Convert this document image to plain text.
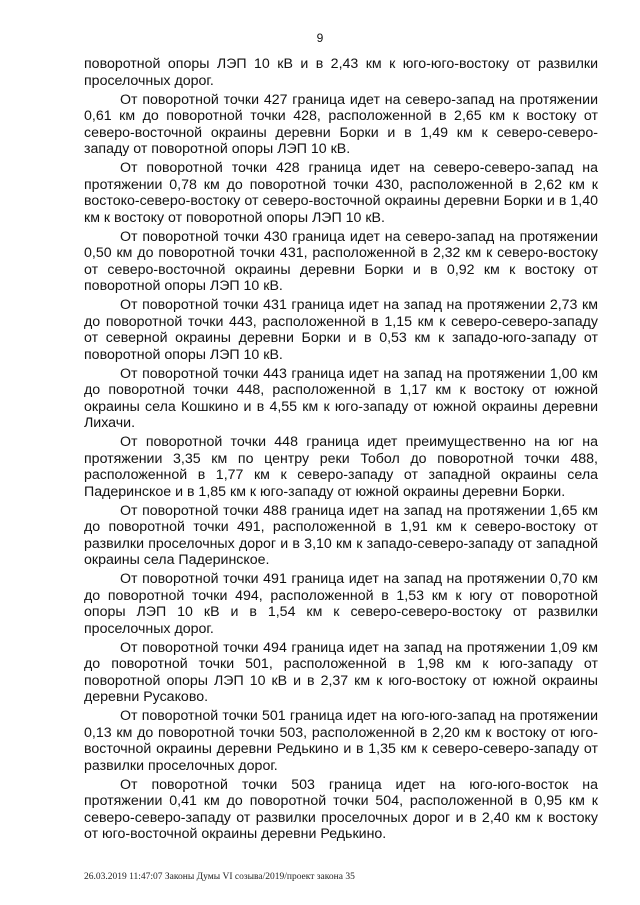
9

поворотной опоры ЛЭП 10 кВ и в 2,43 км к юго-юго-востоку от развилки проселочных дорог.

От поворотной точки 427 граница идет на северо-запад на протяжении 0,61 км до поворотной точки 428, расположенной в 2,65 км к востоку от северо-восточной окраины деревни Борки и в 1,49 км к северо-северо-западу от поворотной опоры ЛЭП 10 кВ.

От поворотной точки 428 граница идет на северо-северо-запад на протяжении 0,78 км до поворотной точки 430, расположенной в 2,62 км к востоко-северо-востоку от северо-восточной окраины деревни Борки и в 1,40 км к востоку от поворотной опоры ЛЭП 10 кВ.

От поворотной точки 430 граница идет на северо-запад на протяжении 0,50 км до поворотной точки 431, расположенной в 2,32 км к северо-востоку от северо-восточной окраины деревни Борки и в 0,92 км к востоку от поворотной опоры ЛЭП 10 кВ.

От поворотной точки 431 граница идет на запад на протяжении 2,73 км до поворотной точки 443, расположенной в 1,15 км к северо-северо-западу от северной окраины деревни Борки и в 0,53 км к западо-юго-западу от поворотной опоры ЛЭП 10 кВ.

От поворотной точки 443 граница идет на запад на протяжении 1,00 км до поворотной точки 448, расположенной в 1,17 км к востоку от южной окраины села Кошкино и в 4,55 км к юго-западу от южной окраины деревни Лихачи.

От поворотной точки 448 граница идет преимущественно на юг на протяжении 3,35 км по центру реки Тобол до поворотной точки 488, расположенной в 1,77 км к северо-западу от западной окраины села Падеринское и в 1,85 км к юго-западу от южной окраины деревни Борки.

От поворотной точки 488 граница идет на запад на протяжении 1,65 км до поворотной точки 491, расположенной в 1,91 км к северо-востоку от развилки проселочных дорог и в 3,10 км к западо-северо-западу от западной окраины села Падеринское.

От поворотной точки 491 граница идет на запад на протяжении 0,70 км до поворотной точки 494, расположенной в 1,53 км к югу от поворотной опоры ЛЭП 10 кВ и в 1,54 км к северо-северо-востоку от развилки проселочных дорог.

От поворотной точки 494 граница идет на запад на протяжении 1,09 км до поворотной точки 501, расположенной в 1,98 км к юго-западу от поворотной опоры ЛЭП 10 кВ и в 2,37 км к юго-востоку от южной окраины деревни Русаково.

От поворотной точки 501 граница идет на юго-юго-запад на протяжении 0,13 км до поворотной точки 503, расположенной в 2,20 км к востоку от юго-восточной окраины деревни Редькино и в 1,35 км к северо-северо-западу от развилки проселочных дорог.

От поворотной точки 503 граница идет на юго-юго-восток на протяжении 0,41 км до поворотной точки 504, расположенной в 0,95 км к северо-северо-западу от развилки проселочных дорог и в 2,40 км к востоку от юго-восточной окраины деревни Редькино.

26.03.2019 11:47:07 Законы Думы VI созыва/2019/проект закона 35
